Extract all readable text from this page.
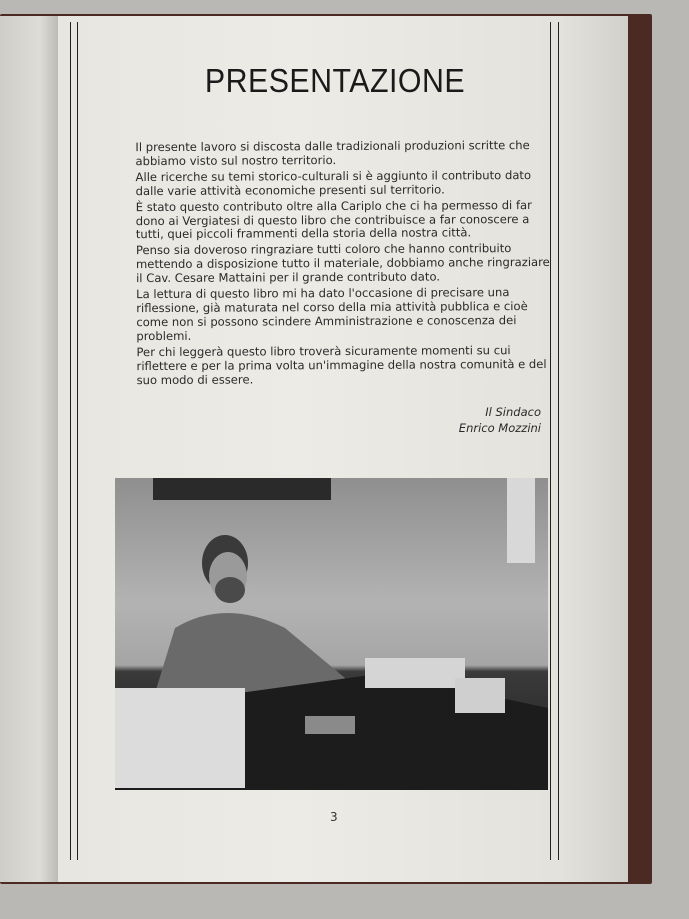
PRESENTAZIONE

Il presente lavoro si discosta dalle tradizionali produzioni scritte che
abbiamo visto sul nostro territorio.

Alle ricerche su temi storico-culturali si è aggiunto il contributo dato
dalle varie attività economiche presenti sul territorio.

È stato questo contributo oltre alla Cariplo che ci ha permesso di far
dono ai Vergiatesi di questo libro che contribuisce a far conoscere a
tutti, quei piccoli frammenti della storia della nostra città.

Penso sia doveroso ringraziare tutti coloro che hanno contribuito
mettendo a disposizione tutto il materiale, dobbiamo anche ringraziare
il Cav. Cesare Mattaini per il grande contributo dato.

La lettura di questo libro mi ha dato l'occasione di precisare una
riflessione, già maturata nel corso della mia attività pubblica e cioè
come non si possono scindere Amministrazione e conoscenza dei
problemi.

Per chi leggerà questo libro troverà sicuramente momenti su cui
riflettere e per la prima volta un'immagine della nostra comunità e del
suo modo di essere.

Il Sindaco
Enrico Mozzini
3
